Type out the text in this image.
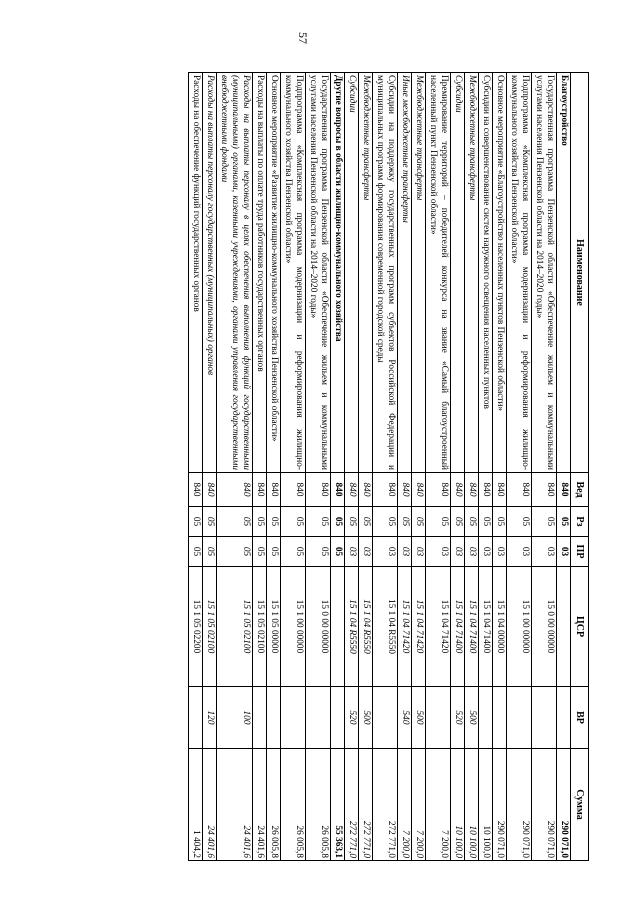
57
Наименование	Вед	Рз	ПР	ЦСР	ВР	Сумма
Благоустройство	840	05	03			290 071,0
Государственная программа Пензенской области «Обеспечение жильем и коммунальными услугами населения Пензенской области на 2014–2020 годы»	840	05	03	15 0 00 00000		290 071,0
Подпрограмма «Комплексная программа модернизации и реформирования жилищно-коммунального хозяйства Пензенской области»	840	05	03	15 1 00 00000		290 071,0
Основное мероприятие «Благоустройство населенных пунктов Пензенской области»	840	05	03	15 1 04 00000		290 071,0
Субсидии на совершенствование систем наружного освещения населенных пунктов	840	05	03	15 1 04 71400		10 100,0
Межбюджетные трансферты	840	05	03	15 1 04 71400	500	10 100,0
Субсидии	840	05	03	15 1 04 71400	520	10 100,0
Премирование территорий – победителей конкурса на звание «Самый благоустроенный населенный пункт Пензенской области»	840	05	03	15 1 04 71420		7 200,0
Межбюджетные трансферты	840	05	03	15 1 04 71420	500	7 200,0
Иные межбюджетные трансферты	840	05	03	15 1 04 71420	540	7 200,0
Субсидии на поддержку государственных программ субъектов Российской Федерации и муниципальных программ формирования современной городской среды	840	05	03	15 1 04 R5550		272 771,0
Межбюджетные трансферты	840	05	03	15 1 04 R5550	500	272 771,0
Субсидии	840	05	03	15 1 04 R5550	520	272 771,0
Другие вопросы в области жилищно-коммунального хозяйства	840	05	05			55 363,1
Государственная программа Пензенской области «Обеспечение жильем и коммунальными услугами населения Пензенской области на 2014–2020 годы»	840	05	05	15 0 00 00000		26 005,8
Подпрограмма «Комплексная программа модернизации и реформирования жилищно-коммунального хозяйства Пензенской области»	840	05	05	15 1 00 00000		26 005,8
Основное мероприятие «Развитие жилищно-коммунального хозяйства Пензенской области»	840	05	05	15 1 05 00000		26 005,8
Расходы на выплаты по оплате труда работников государственных органов	840	05	05	15 1 05 02100		24 401,6
Расходы на выплаты персоналу в целях обеспечения выполнения функций государственными (муниципальными) органами, казенными учреждениями, органами управления государственными внебюджетными фондами	840	05	05	15 1 05 02100	100	24 401,6
Расходы на выплаты персоналу государственных (муниципальных) органов	840	05	05	15 1 05 02100	120	24 401,6
Расходы на обеспечение функций государственных органов	840	05	05	15 1 05 02200		1 404,2
